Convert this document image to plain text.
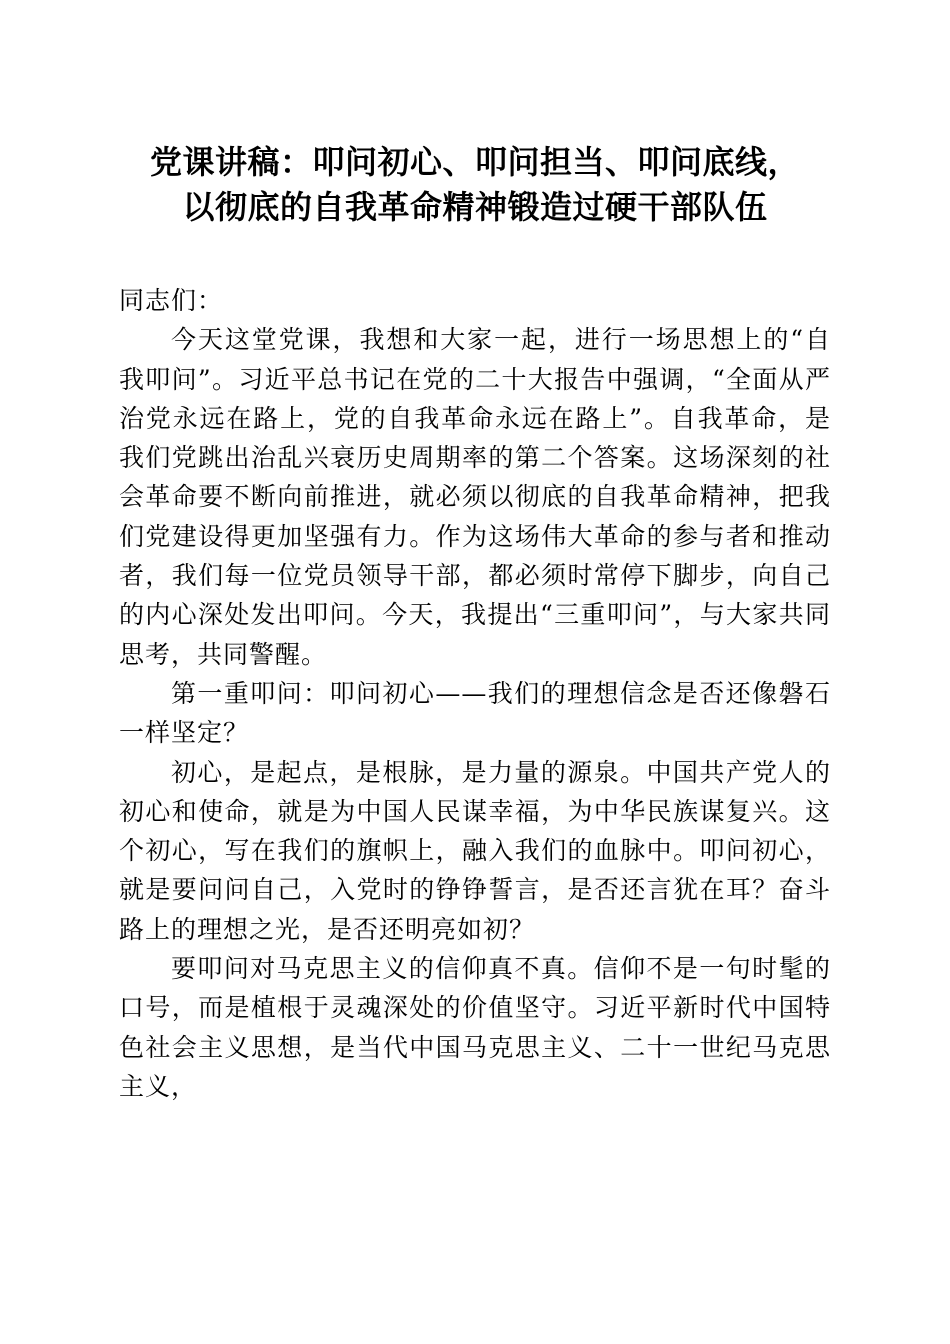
党课讲稿：叩问初心、叩问担当、叩问底线，
以彻底的自我革命精神锻造过硬干部队伍

同志们：

今天这堂党课，我想和大家一起，进行一场思想上的“自我叩问”。习近平总书记在党的二十大报告中强调，“全面从严治党永远在路上，党的自我革命永远在路上”。自我革命，是我们党跳出治乱兴衰历史周期率的第二个答案。这场深刻的社会革命要不断向前推进，就必须以彻底的自我革命精神，把我们党建设得更加坚强有力。作为这场伟大革命的参与者和推动者，我们每一位党员领导干部，都必须时常停下脚步，向自己的内心深处发出叩问。今天，我提出“三重叩问”，与大家共同思考，共同警醒。

第一重叩问：叩问初心——我们的理想信念是否还像磐石一样坚定？

初心，是起点，是根脉，是力量的源泉。中国共产党人的初心和使命，就是为中国人民谋幸福，为中华民族谋复兴。这个初心，写在我们的旗帜上，融入我们的血脉中。叩问初心，就是要问问自己，入党时的铮铮誓言，是否还言犹在耳？奋斗路上的理想之光，是否还明亮如初？

要叩问对马克思主义的信仰真不真。信仰不是一句时髦的口号，而是植根于灵魂深处的价值坚守。习近平新时代中国特色社会主义思想，是当代中国马克思主义、二十一世纪马克思主义，
